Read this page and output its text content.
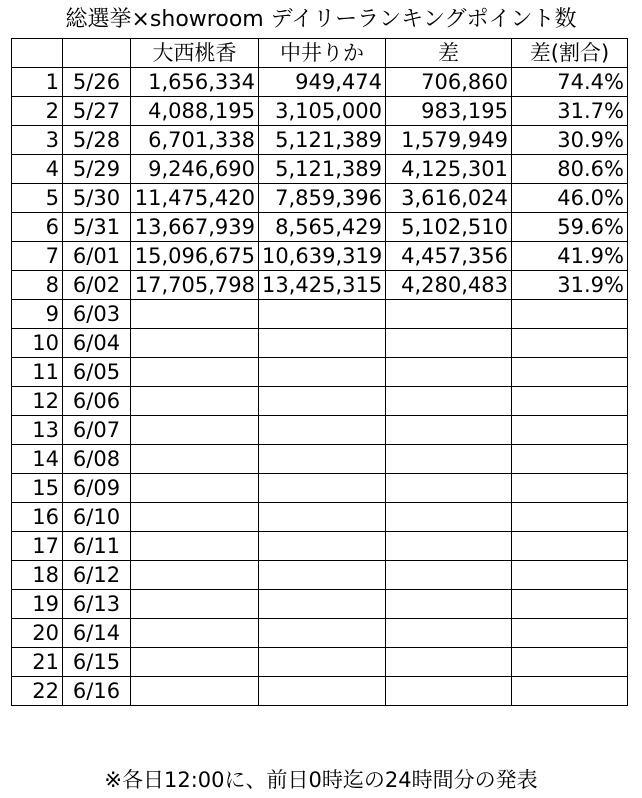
総選挙×showroom デイリーランキングポイント数
		大西桃香	中井りか	差	差(割合)
1	5/26	1,656,334	949,474	706,860	74.4%
2	5/27	4,088,195	3,105,000	983,195	31.7%
3	5/28	6,701,338	5,121,389	1,579,949	30.9%
4	5/29	9,246,690	5,121,389	4,125,301	80.6%
5	5/30	11,475,420	7,859,396	3,616,024	46.0%
6	5/31	13,667,939	8,565,429	5,102,510	59.6%
7	6/01	15,096,675	10,639,319	4,457,356	41.9%
8	6/02	17,705,798	13,425,315	4,280,483	31.9%
9	6/03				
10	6/04				
11	6/05				
12	6/06				
13	6/07				
14	6/08				
15	6/09				
16	6/10				
17	6/11				
18	6/12				
19	6/13				
20	6/14				
21	6/15				
22	6/16				
※各日12:00に、前日0時迄の24時間分の発表
